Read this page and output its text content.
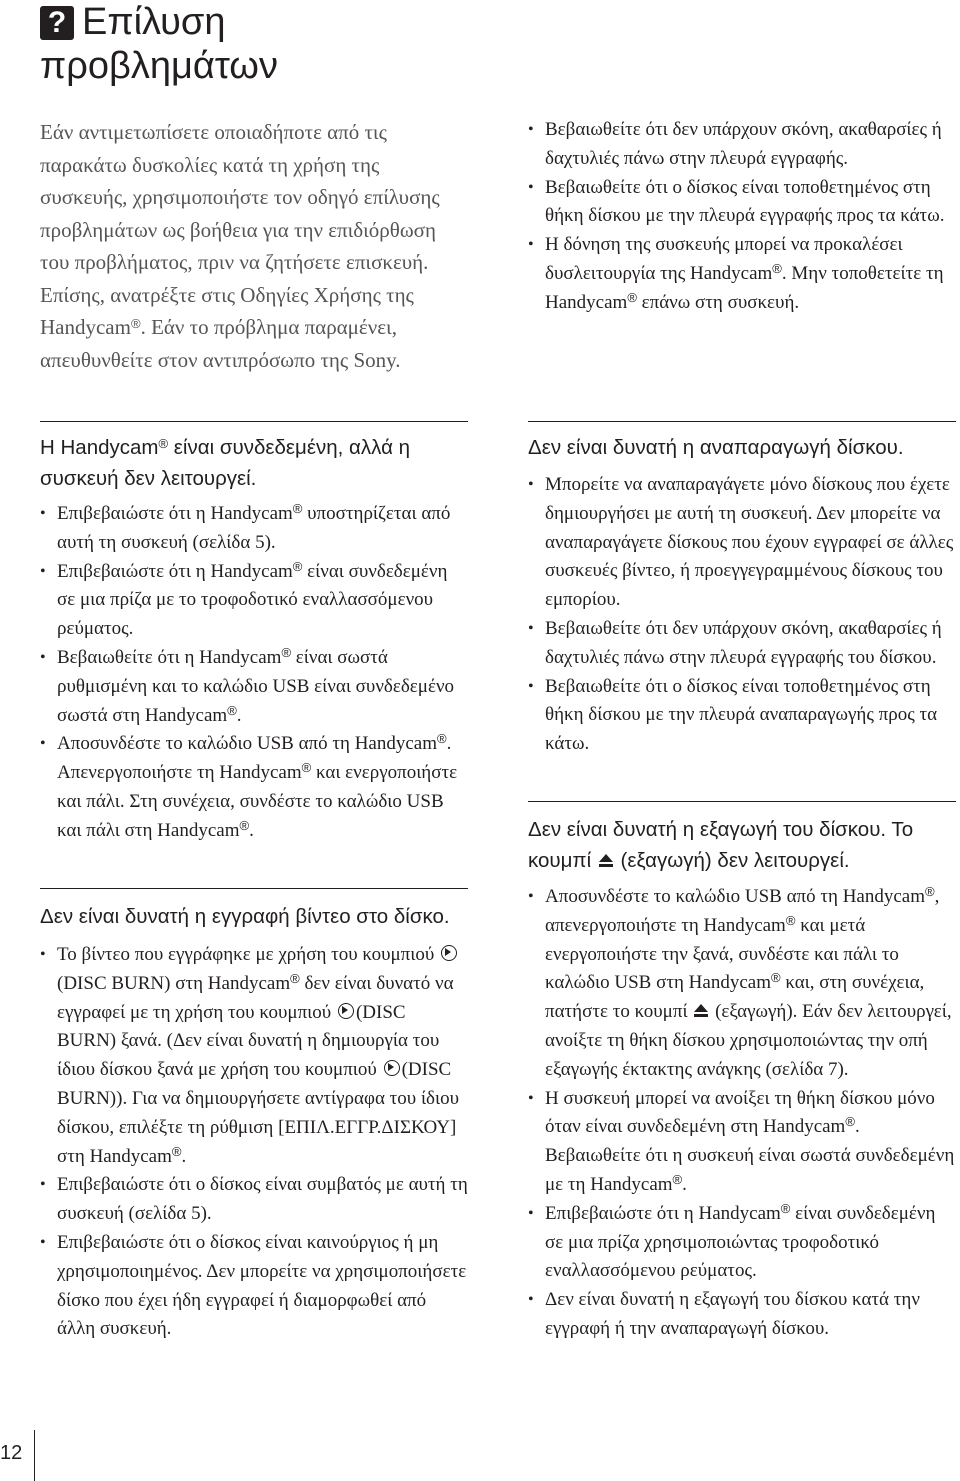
? Επίλυση
προβλημάτων
Εάν αντιμετωπίσετε οποιαδήποτε από τις παρακάτω δυσκολίες κατά τη χρήση της συσκευής, χρησιμοποιήστε τον οδηγό επίλυσης προβλημάτων ως βοήθεια για την επιδιόρθωση του προβλήματος, πριν να ζητήσετε επισκευή. Επίσης, ανατρέξτε στις Οδηγίες Χρήσης της Handycam®. Εάν το πρόβλημα παραμένει, απευθυνθείτε στον αντιπρόσωπο της Sony.
Η Handycam® είναι συνδεδεμένη, αλλά η συσκευή δεν λειτουργεί.
• Επιβεβαιώστε ότι η Handycam® υποστηρίζεται από αυτή τη συσκευή (σελίδα 5).
• Επιβεβαιώστε ότι η Handycam® είναι συνδεδεμένη σε μια πρίζα με το τροφοδοτικό εναλλασσόμενου ρεύματος.
• Βεβαιωθείτε ότι η Handycam® είναι σωστά ρυθμισμένη και το καλώδιο USB είναι συνδεδεμένο σωστά στη Handycam®.
• Αποσυνδέστε το καλώδιο USB από τη Handycam®. Απενεργοποιήστε τη Handycam® και ενεργοποιήστε και πάλι. Στη συνέχεια, συνδέστε το καλώδιο USB και πάλι στη Handycam®.
Δεν είναι δυνατή η εγγραφή βίντεο στο δίσκο.
• Το βίντεο που εγγράφηκε με χρήση του κουμπιού (DISC BURN) στη Handycam® δεν είναι δυνατό να εγγραφεί με τη χρήση του κουμπιού (DISC BURN) ξανά. (Δεν είναι δυνατή η δημιουργία του ίδιου δίσκου ξανά με χρήση του κουμπιού (DISC BURN)). Για να δημιουργήσετε αντίγραφα του ίδιου δίσκου, επιλέξτε τη ρύθμιση [ΕΠΙΛ.ΕΓΓΡ.ΔΙΣΚΟΥ] στη Handycam®.
• Επιβεβαιώστε ότι ο δίσκος είναι συμβατός με αυτή τη συσκευή (σελίδα 5).
• Επιβεβαιώστε ότι ο δίσκος είναι καινούργιος ή μη χρησιμοποιημένος. Δεν μπορείτε να χρησιμοποιήσετε δίσκο που έχει ήδη εγγραφεί ή διαμορφωθεί από άλλη συσκευή.
• Βεβαιωθείτε ότι δεν υπάρχουν σκόνη, ακαθαρσίες ή δαχτυλιές πάνω στην πλευρά εγγραφής.
• Βεβαιωθείτε ότι ο δίσκος είναι τοποθετημένος στη θήκη δίσκου με την πλευρά εγγραφής προς τα κάτω.
• Η δόνηση της συσκευής μπορεί να προκαλέσει δυσλειτουργία της Handycam®. Μην τοποθετείτε τη Handycam® επάνω στη συσκευή.
Δεν είναι δυνατή η αναπαραγωγή δίσκου.
• Μπορείτε να αναπαραγάγετε μόνο δίσκους που έχετε δημιουργήσει με αυτή τη συσκευή. Δεν μπορείτε να αναπαραγάγετε δίσκους που έχουν εγγραφεί σε άλλες συσκευές βίντεο, ή προεγγεγραμμένους δίσκους του εμπορίου.
• Βεβαιωθείτε ότι δεν υπάρχουν σκόνη, ακαθαρσίες ή δαχτυλιές πάνω στην πλευρά εγγραφής του δίσκου.
• Βεβαιωθείτε ότι ο δίσκος είναι τοποθετημένος στη θήκη δίσκου με την πλευρά αναπαραγωγής προς τα κάτω.
Δεν είναι δυνατή η εξαγωγή του δίσκου. Το κουμπί (εξαγωγή) δεν λειτουργεί.
• Αποσυνδέστε το καλώδιο USB από τη Handycam®, απενεργοποιήστε τη Handycam® και μετά ενεργοποιήστε την ξανά, συνδέστε και πάλι το καλώδιο USB στη Handycam® και, στη συνέχεια, πατήστε το κουμπί (εξαγωγή). Εάν δεν λειτουργεί, ανοίξτε τη θήκη δίσκου χρησιμοποιώντας την οπή εξαγωγής έκτακτης ανάγκης (σελίδα 7).
• Η συσκευή μπορεί να ανοίξει τη θήκη δίσκου μόνο όταν είναι συνδεδεμένη στη Handycam®. Βεβαιωθείτε ότι η συσκευή είναι σωστά συνδεδεμένη με τη Handycam®.
• Επιβεβαιώστε ότι η Handycam® είναι συνδεδεμένη σε μια πρίζα χρησιμοποιώντας τροφοδοτικό εναλλασσόμενου ρεύματος.
• Δεν είναι δυνατή η εξαγωγή του δίσκου κατά την εγγραφή ή την αναπαραγωγή δίσκου.
12
